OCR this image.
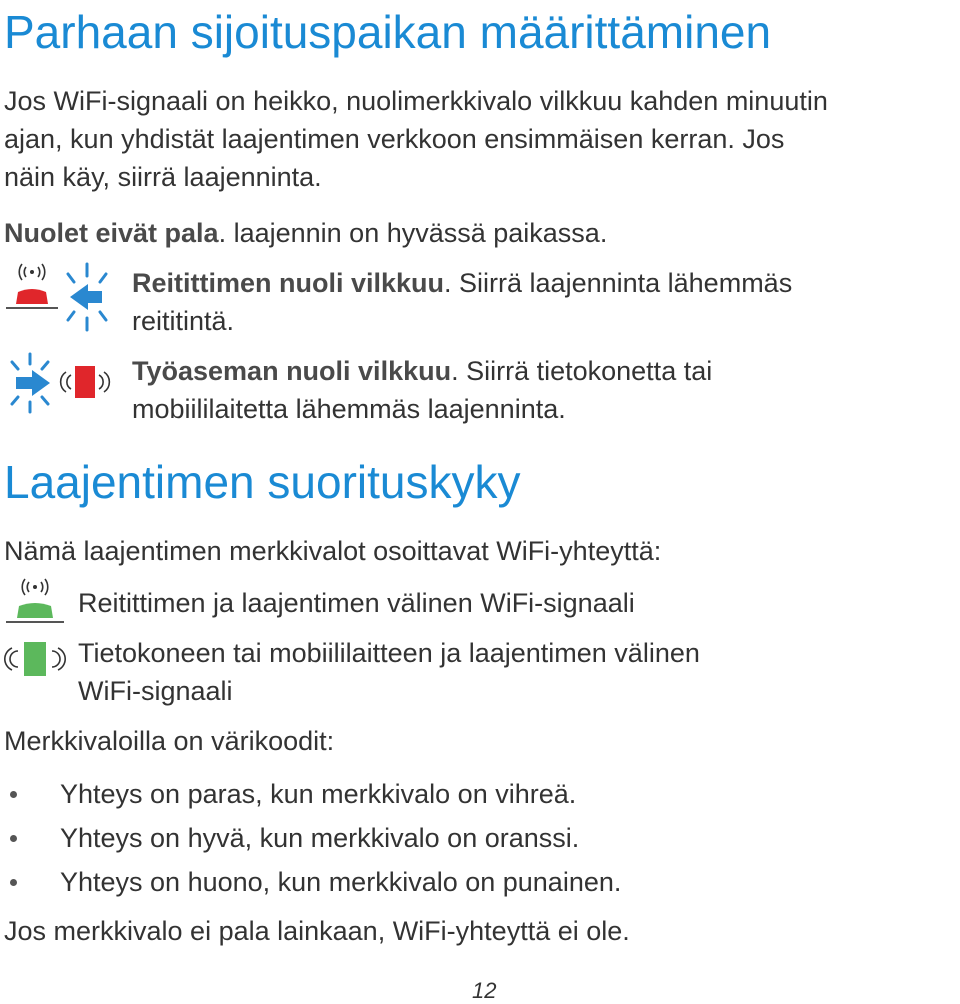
Parhaan sijoituspaikan määrittäminen
Jos WiFi-signaali on heikko, nuolimerkkivalo vilkkuu kahden minuutin
ajan, kun yhdistät laajentimen verkkoon ensimmäisen kerran. Jos
näin käy, siirrä laajenninta.
Nuolet eivät pala. laajennin on hyvässä paikassa.
Reitittimen nuoli vilkkuu. Siirrä laajenninta lähemmäs
reititintä.
Työaseman nuoli vilkkuu. Siirrä tietokonetta tai
mobiililaitetta lähemmäs laajenninta.
Laajentimen suorituskyky
Nämä laajentimen merkkivalot osoittavat WiFi-yhteyttä:
Reitittimen ja laajentimen välinen WiFi-signaali
Tietokoneen tai mobiililaitteen ja laajentimen välinen
WiFi-signaali
Merkkivaloilla on värikoodit:
Yhteys on paras, kun merkkivalo on vihreä.
Yhteys on hyvä, kun merkkivalo on oranssi.
Yhteys on huono, kun merkkivalo on punainen.
Jos merkkivalo ei pala lainkaan, WiFi-yhteyttä ei ole.
12
